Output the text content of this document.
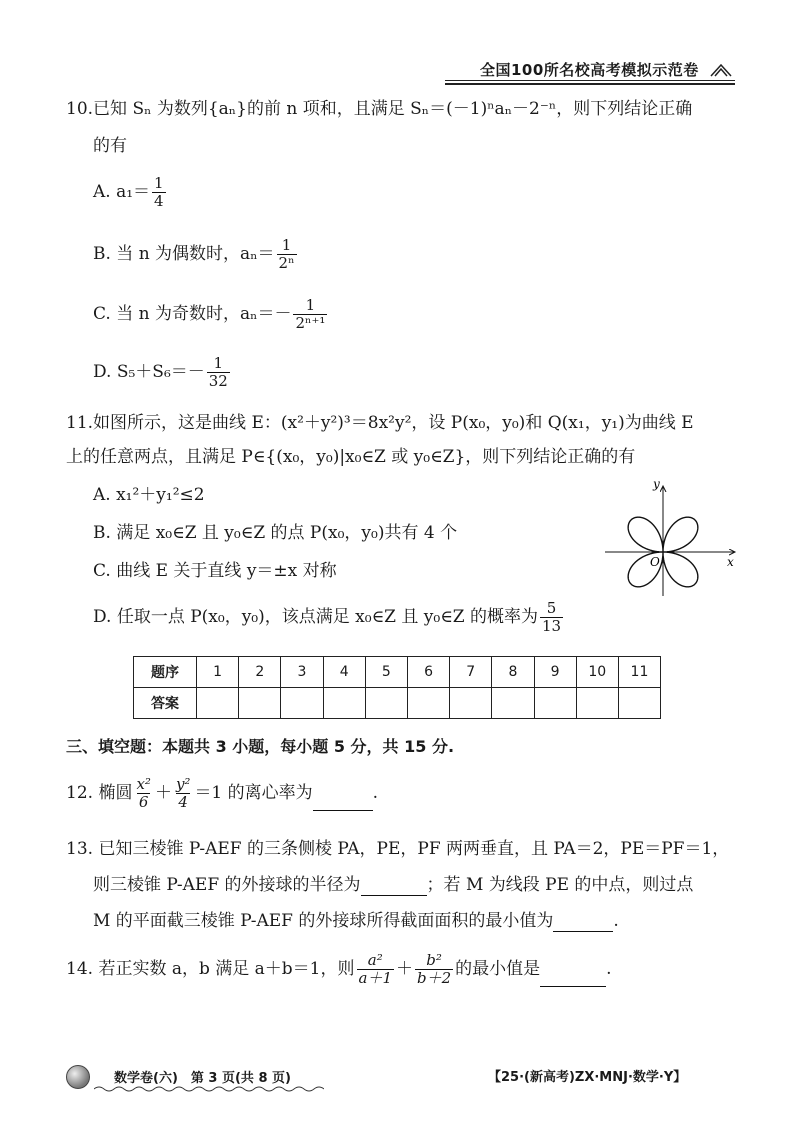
全国100所名校高考模拟示范卷
10.已知 Sₙ 为数列{aₙ}的前 n 项和，且满足 Sₙ＝(－1)ⁿaₙ－2⁻ⁿ，则下列结论正确
的有
A. $a_1= \frac{1}{4}$
B. 当 n 为偶数时，$a_n= \frac{1}{\text{2ⁿ}}$
C. 当 n 为奇数时，$a_n=- \frac{1}{\text{2ⁿ⁺¹}}$
D. $S_5+S_6=- \frac{1}{32}$
11.如图所示，这是曲线 E：(x²＋y²)³＝8x²y²，设 P(x₀，y₀)和 Q(x₁，y₁)为曲线 E
上的任意两点，且满足 P∈{(x₀，y₀)|x₀∈Z 或 y₀∈Z}，则下列结论正确的有
A. x₁²＋y₁²≤2
B. 满足 x₀∈Z 且 y₀∈Z 的点 P(x₀，y₀)共有 4 个
C. 曲线 E 关于直线 y＝±x 对称
D. 任取一点 P(x₀，y₀)，该点满足 x₀∈Z 且 y₀∈Z 的概率为 $\frac{5}{13}$
y
x
O
题序	1	2	3	4	5	6	7	8	9	10	11
答案											
三、填空题：本题共 3 小题，每小题 5 分，共 15 分.
12. 椭圆 $\frac{\text{x²}}{6} + \frac{\text{y²}}{4} =1$ 的离心率为	.
13. 已知三棱锥 P-AEF 的三条侧棱 PA，PE，PF 两两垂直，且 PA＝2，PE＝PF＝1，
则三棱锥 P-AEF 的外接球的半径为	；若 M 为线段 PE 的中点，则过点
M 的平面截三棱锥 P-AEF 的外接球所得截面面积的最小值为	.
14. 若正实数 a，b 满足 a＋b＝1，则 $\frac{\text{a²}}{a+1} + \frac{\text{b²}}{b+2}$ 的最小值是	.
数学卷(六)　第 3 页(共 8 页)	【25·(新高考)ZX·MNJ·数学·Y】
